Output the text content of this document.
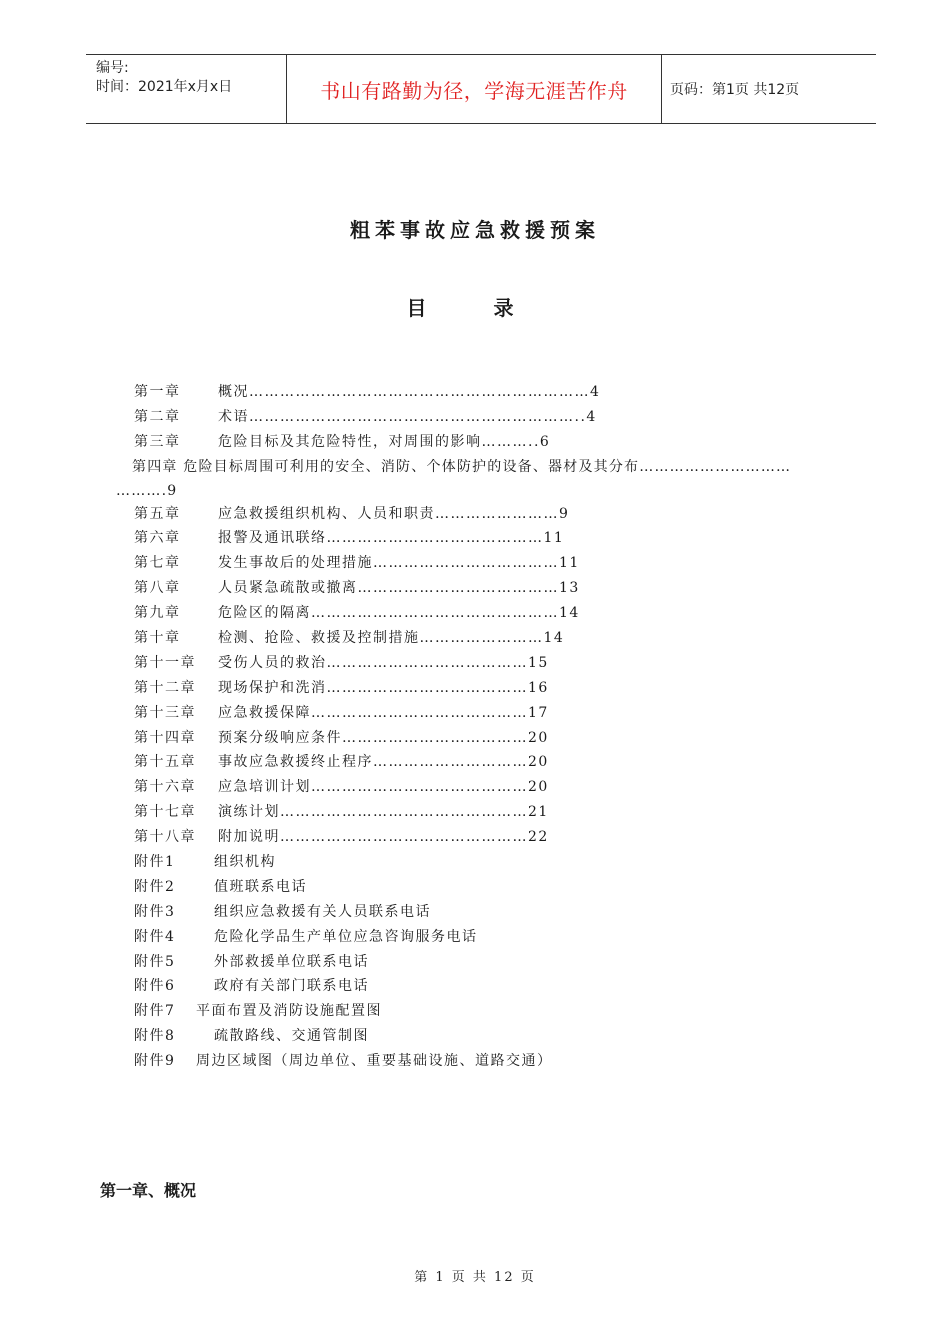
编号:
时间：2021年x月x日	书山有路勤为径，学海无涯苦作舟	页码：第1页 共12页
粗苯事故应急救援预案
目 录
第一章	概况…………………………………………………………4
第二章	术语………………………………………………………..4
第三章	危险目标及其危险特性，对周围的影响………..6
第四章 危险目标周围可利用的安全、消防、个体防护的设备、器材及其分布…………………………
……….9
第五章	应急救援组织机构、人员和职责……………………9
第六章	报警及通讯联络……………………………………11
第七章	发生事故后的处理措施………………………………11
第八章	人员紧急疏散或撤离…………………………………13
第九章	危险区的隔离…………………………………………14
第十章	检测、抢险、救援及控制措施……………………14
第十一章 受伤人员的救治…………………………………15
第十二章 现场保护和洗消…………………………………16
第十三章 应急救援保障……………………………………17
第十四章 预案分级响应条件………………………………20
第十五章 事故应急救援终止程序…………………………20
第十六章 应急培训计划……………………………………20
第十七章 演练计划…………………………………………21
第十八章 附加说明…………………………………………22
附件1	组织机构
附件2	值班联系电话
附件3	组织应急救援有关人员联系电话
附件4	危险化学品生产单位应急咨询服务电话
附件5	外部救援单位联系电话
附件6	政府有关部门联系电话
附件7 平面布置及消防设施配置图
附件8	疏散路线、交通管制图
附件9 周边区域图（周边单位、重要基础设施、道路交通）
第一章、概况
第 1 页 共 12 页
